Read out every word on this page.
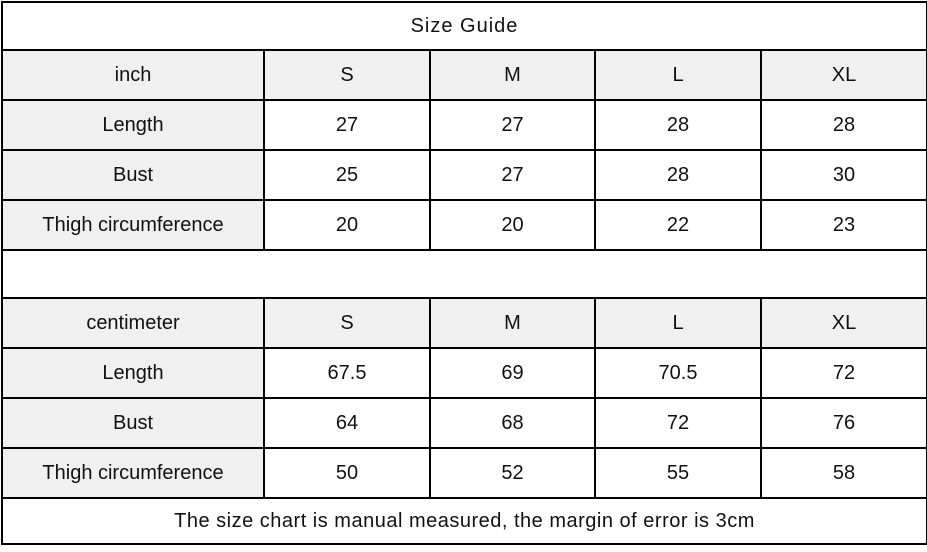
Size Guide				
inch	S	M	L	XL
Length	27	27	28	28
Bust	25	27	28	30
Thigh circumference	20	20	22	23

centimeter	S	M	L	XL
Length	67.5	69	70.5	72
Bust	64	68	72	76
Thigh circumference	50	52	55	58
The size chart is manual measured, the margin of error is 3cm				
